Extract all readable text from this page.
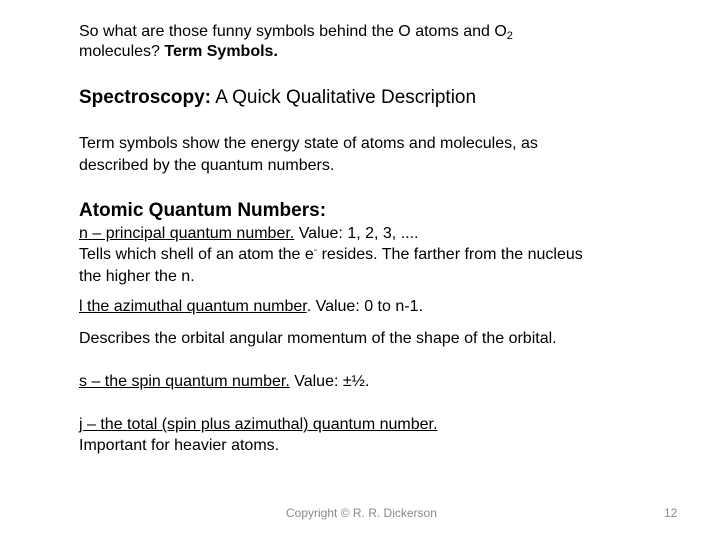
So what are those funny symbols behind the O atoms and $O_2$
molecules? Term Symbols.
Spectroscopy: A Quick Qualitative Description
Term symbols show the energy state of atoms and molecules, as
described by the quantum numbers.
Atomic Quantum Numbers:
n – principal quantum number. Value: 1, 2, 3, ....
Tells which shell of an atom the e- resides. The farther from the nucleus
the higher the n.
l the azimuthal quantum number. Value: 0 to n-1.
Describes the orbital angular momentum of the shape of the orbital.
s – the spin quantum number. Value: ±½.
j – the total (spin plus azimuthal) quantum number.
Important for heavier atoms.
Copyright © R. R. Dickerson	12
